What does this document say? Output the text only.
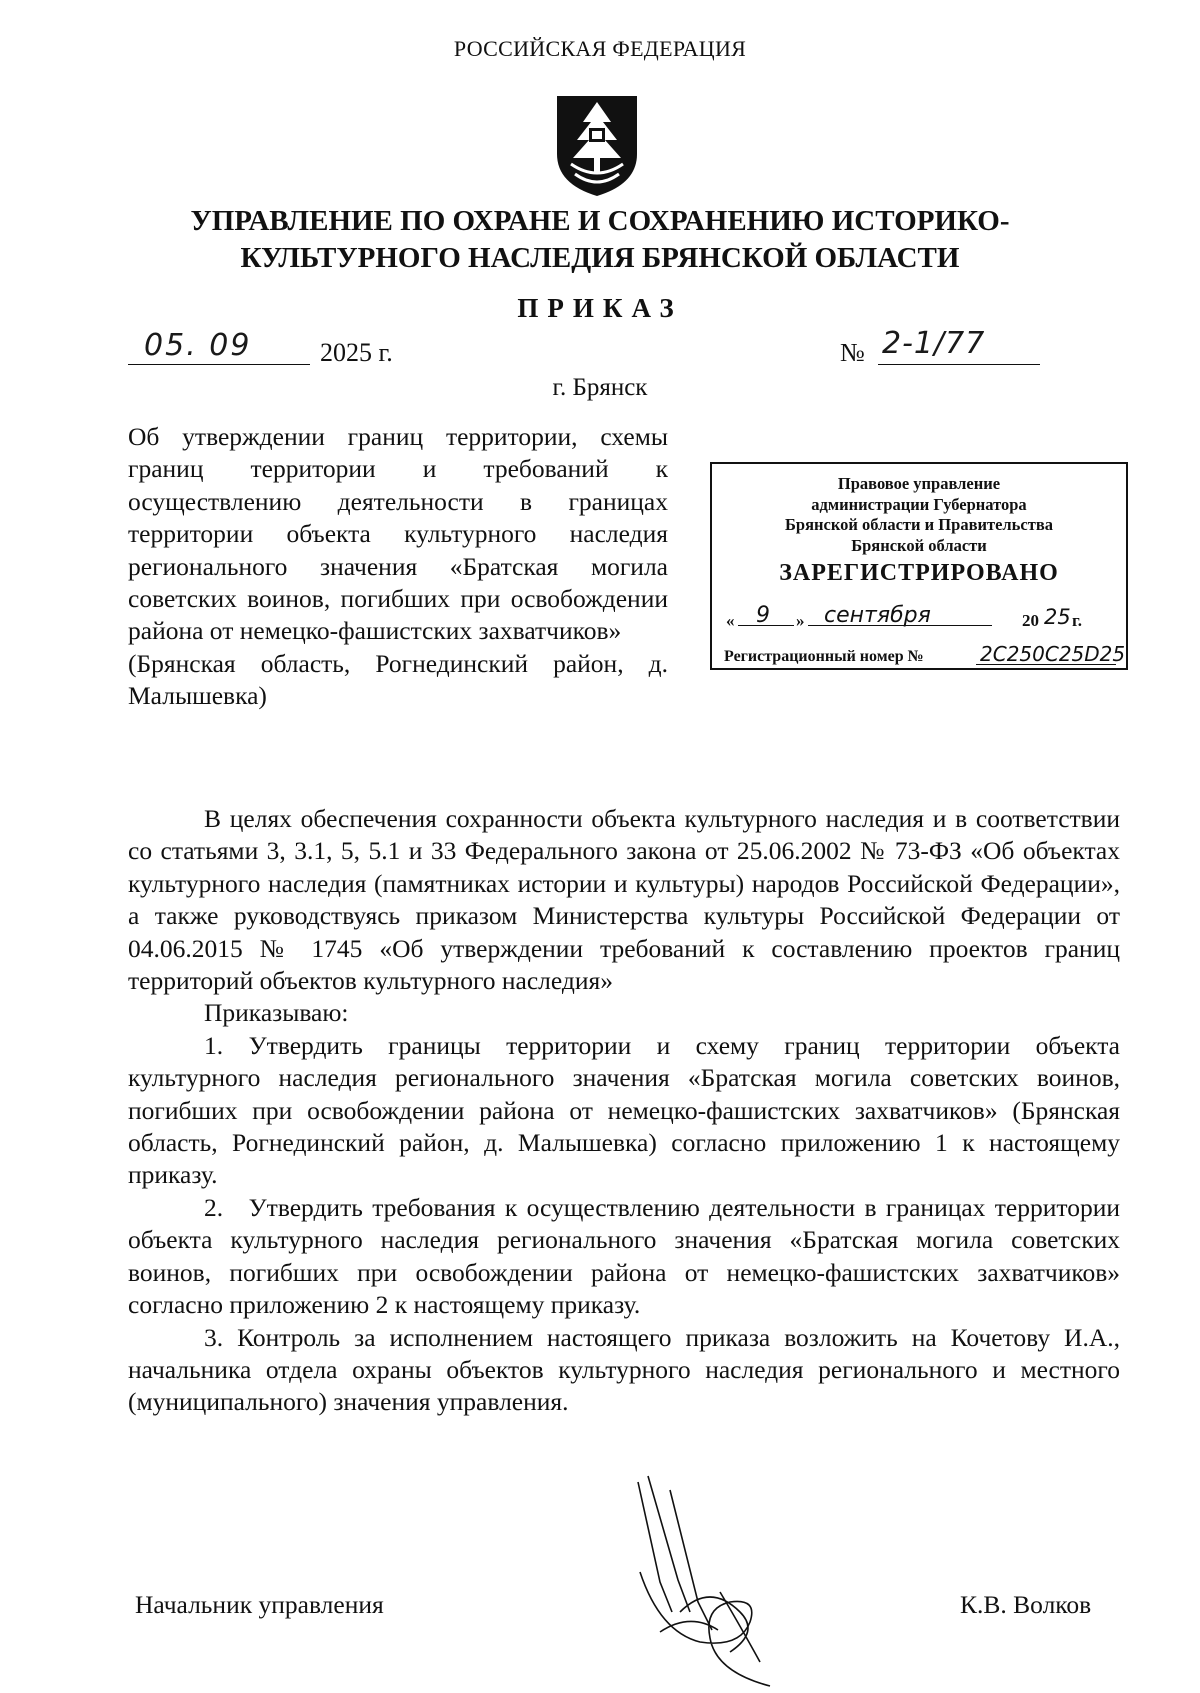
РОССИЙСКАЯ ФЕДЕРАЦИЯ
УПРАВЛЕНИЕ ПО ОХРАНЕ И СОХРАНЕНИЮ ИСТОРИКО-
КУЛЬТУРНОГО НАСЛЕДИЯ БРЯНСКОЙ ОБЛАСТИ
ПРИКАЗ
05. 09	2025 г.	№ 2-1/77
г. Брянск
Об утверждении границ территории, схемы границ территории и требований к осуществлению деятельности в границах территории объекта культурного наследия регионального значения «Братская могила советских воинов, погибших при освобождении района от немецко-фашистских захватчиков»
(Брянская область, Рогнединский район, д. Малышевка)
Правовое управление
администрации Губернатора
Брянской области и Правительства
Брянской области
ЗАРЕГИСТРИРОВАНО
« 9 » сентября	20 25 г.
Регистрационный номер №	2C250C25D25

В целях обеспечения сохранности объекта культурного наследия и в соответствии со статьями 3, 3.1, 5, 5.1 и 33 Федерального закона от 25.06.2002 № 73-ФЗ «Об объектах культурного наследия (памятниках истории и культуры) народов Российской Федерации», а также руководствуясь приказом Министерства культуры Российской Федерации от 04.06.2015 № 1745 «Об утверждении требований к составлению проектов границ территорий объектов культурного наследия»

Приказываю:

1. Утвердить границы территории и схему границ территории объекта культурного наследия регионального значения «Братская могила советских воинов, погибших при освобождении района от немецко-фашистских захватчиков» (Брянская область, Рогнединский район, д. Малышевка) согласно приложению 1 к настоящему приказу.

2. Утвердить требования к осуществлению деятельности в границах территории объекта культурного наследия регионального значения «Братская могила советских воинов, погибших при освобождении района от немецко-фашистских захватчиков» согласно приложению 2 к настоящему приказу.

3. Контроль за исполнением настоящего приказа возложить на Кочетову И.А., начальника отдела охраны объектов культурного наследия регионального и местного (муниципального) значения управления.

Начальник управления	К.В. Волков
